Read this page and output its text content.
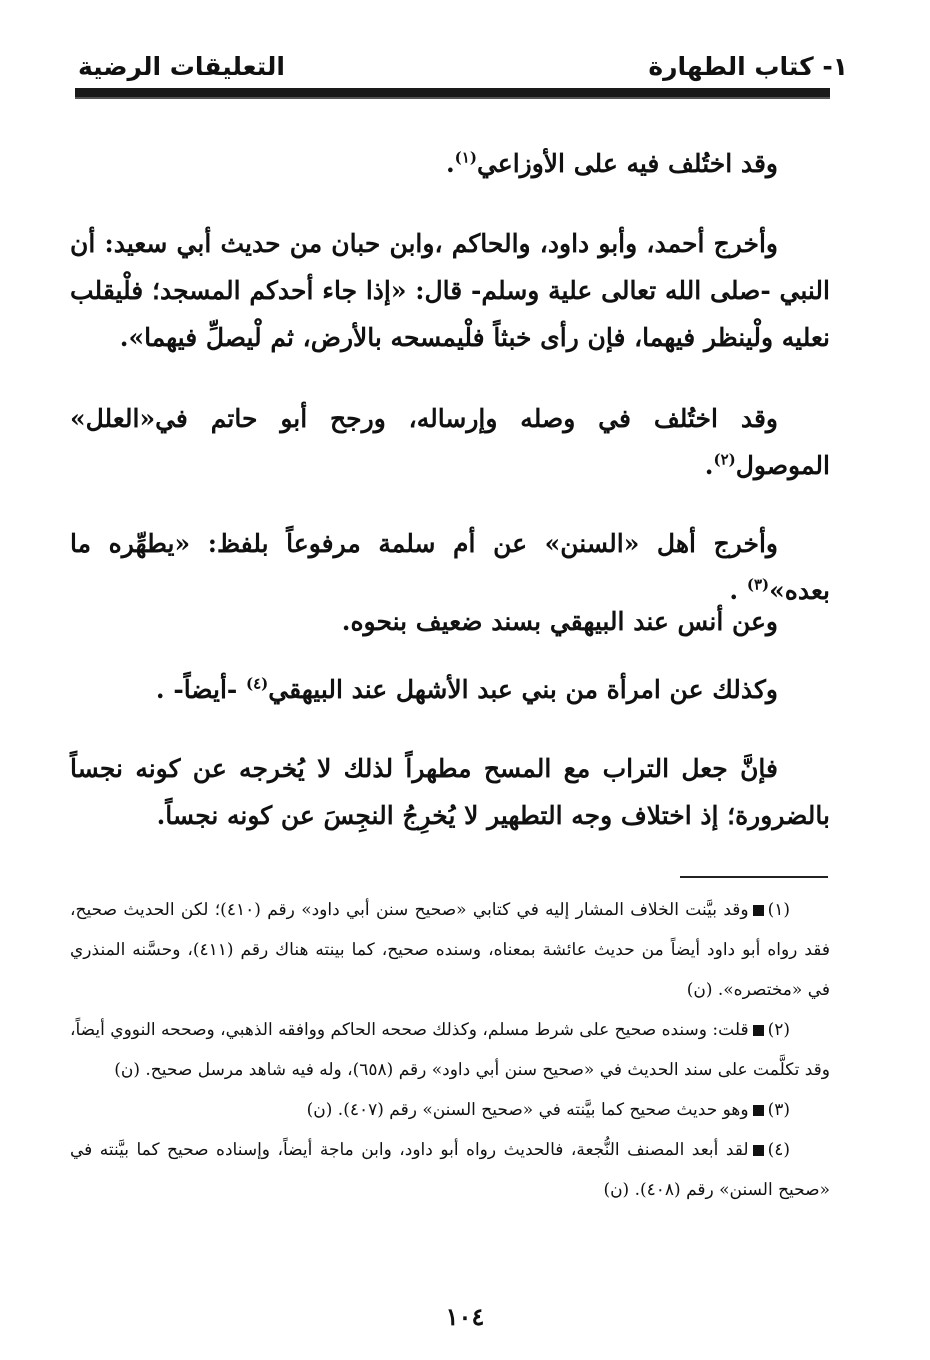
١- كتاب الطهارة
التعليقات الرضية

وقد اختُلف فيه على الأوزاعي$^{(١)}$.

وأخرج أحمد، وأبو داود، والحاكم ،وابن حبان من حديث أبي سعيد: أن النبي -صلى الله تعالى علية وسلم- قال: «إذا جاء أحدكم المسجد؛ فلْيقلب نعليه ولْينظر فيهما، فإن رأى خبثاً فلْيمسحه بالأرض، ثم لْيصلِّ فيهما».

وقد اختُلف في وصله وإرساله، ورجح أبو حاتم في«العلل» الموصول$^{(٢)}$.

وأخرج أهل «السنن» عن أم سلمة مرفوعاً بلفظ: «يطهِّره ما بعده»$^{(٣)}$ .

وعن أنس عند البيهقي بسند ضعيف بنحوه.

وكذلك عن امرأة من بني عبد الأشهل عند البيهقي$^{(٤)}$ -أيضاً- .

فإنَّ جعل التراب مع المسح مطهراً لذلك لا يُخرجه عن كونه نجساً بالضرورة؛ إذ اختلاف وجه التطهير لا يُخرِجُ النجِسَ عن كونه نجساً.

(١)وقد بيَّنت الخلاف المشار إليه في كتابي «صحيح سنن أبي داود» رقم (٤١٠)؛ لكن الحديث صحيح، فقد رواه أبو داود أيضاً من حديث عائشة بمعناه، وسنده صحيح، كما بينته هناك رقم (٤١١)، وحسَّنه المنذري في «مختصره». (ن)

(٢)قلت: وسنده صحيح على شرط مسلم، وكذلك صححه الحاكم ووافقه الذهبي، وصححه النووي أيضاً، وقد تكلَّمت على سند الحديث في «صحيح سنن أبي داود» رقم (٦٥٨)، وله فيه شاهد مرسل صحيح. (ن)

(٣)وهو حديث صحيح كما بيَّنته في «صحيح السنن» رقم (٤٠٧). (ن)

(٤)لقد أبعد المصنف النُّجعة، فالحديث رواه أبو داود، وابن ماجة أيضاً، وإسناده صحيح كما بيَّنته في «صحيح السنن» رقم (٤٠٨). (ن)

١٠٤
